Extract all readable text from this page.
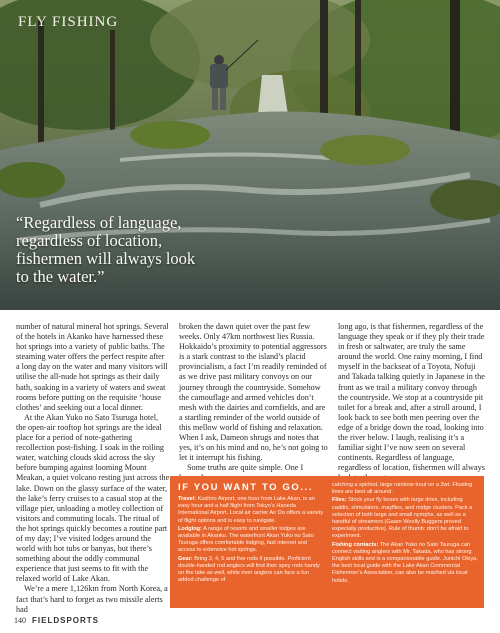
FLY FISHING
“Regardless of language, regardless of location, fishermen will always look to the water.”

number of natural mineral hot springs. Several of the hotels in Akanko have harnessed these hot springs into a variety of public baths. The steaming water offers the perfect respite after a long day on the water and many visitors will utilise the all-nude hot springs as their daily bath, soaking in a variety of waters and sweat rooms before putting on the requisite ‘house clothes’ and seeking out a local dinner.

At the Akan Yuko no Sato Tsuruga hotel, the open-air rooftop hot springs are the ideal place for a period of note-gathering recollection post-fishing. I soak in the roiling water, watching clouds skid across the sky before bumping against looming Mount Meakan, a quiet volcano resting just across the lake. Down on the glassy surface of the water, the lake’s ferry cruises to a casual stop at the village pier, unloading a motley collection of visitors and commuting locals. The ritual of the hot springs quickly becomes a routine part of my day; I’ve visited lodges around the world with hot tubs or banyas, but there’s something about the oddly communal experience that just seems to fit with the relaxed world of Lake Akan.

We’re a mere 1,126km from North Korea, a fact that’s hard to forget as two missile alerts had

broken the dawn quiet over the past few weeks. Only 47km northwest lies Russia. Hokkaido’s proximity to potential aggressors is a stark contrast to the island’s placid provincialism, a fact I’m readily reminded of as we drive past military convoys on our journey through the countryside. Somehow the camouflage and armed vehicles don’t mesh with the dairies and cornfields, and are a startling reminder of the world outside of this mellow world of fishing and relaxation. When I ask, Dameon shrugs and notes that yes, it’s on his mind and no, he’s not going to let it interrupt his fishing.

Some truths are quite simple. One I

long ago, is that fishermen, regardless of the language they speak or if they ply their trade in fresh or saltwater, are truly the same around the world. One rainy morning, I find myself in the backseat of a Toyota, Nofuji and Takada talking quietly in Japanese in the front as we trail a military convoy through the countryside. We stop at a countryside pit toilet for a break and, after a stroll around, I look back to see both men peering over the edge of a bridge down the road, looking into the river below. I laugh, realising it’s a familiar sight I’ve now seen on several continents. Regardless of language, regardless of location, fishermen will always

IF YOU WANT TO GO...

Travel: Kushiro Airport, one hour from Lake Akan, is an easy hour and a half flight from Tokyo’s Haneda International Airport. Local air carrier Air Do offers a variety of flight options and is easy to navigate.

Lodging: A range of resorts and smaller lodges are available in Akanko. The waterfront Akan Yuko no Sato Tsuruga offers comfortable lodging, fast internet and access to extensive hot springs.

Gear: Bring 3, 4, 5 and five rods if possible. Proficient double-handed rod anglers will find their spey rods handy on the lake as well, while river anglers can face a fun added challenge of

catching a spirited, large rainbow trout on a 3wt. Floating lines are best all around.

Flies: Stock your fly boxes with large dries, including caddis, stimulators, mayflies, and midge clusters. Pack a selection of both large and small nymphs, as well as a handful of streamers (Gaam Woolly Buggers proved especially productive). Rule of thumb: don’t be afraid to experiment.

Fishing contacts: The Akan Yuko no Sato Tsuruga can connect visiting anglers with Mr. Takada, who has strong English skills and is a companionable guide. Junichi Okiya, the best local guide with the Lake Akan Commercial Fishermen’s Association, can also be reached via local hotels.

140 FIELDSPORTS
